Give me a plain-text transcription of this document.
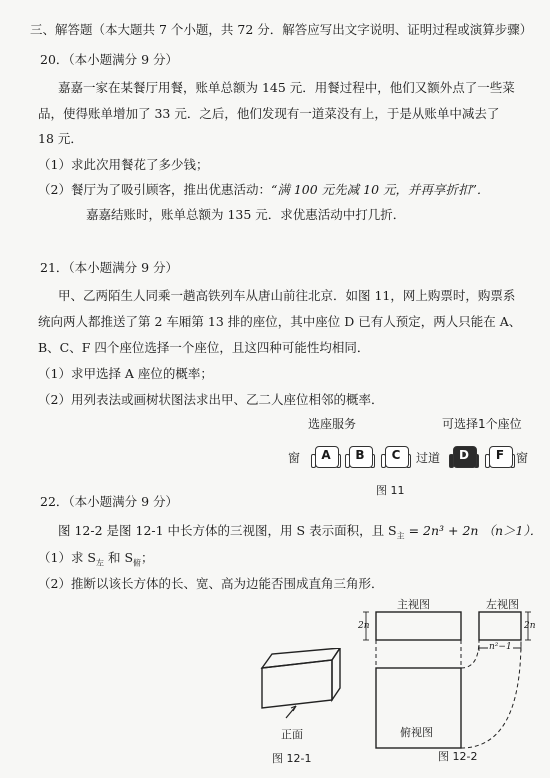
三、解答题（本大题共 7 个小题，共 72 分．解答应写出文字说明、证明过程或演算步骤）
20．（本小题满分 9 分）
嘉嘉一家在某餐厅用餐，账单总额为 145 元．用餐过程中，他们又额外点了一些菜
品，使得账单增加了 33 元．之后，他们发现有一道菜没有上，于是从账单中减去了
18 元．
（1）求此次用餐花了多少钱；
（2）餐厅为了吸引顾客，推出优惠活动：“满 100 元先减 10 元，并再享折扣”．
嘉嘉结账时，账单总额为 135 元．求优惠活动中打几折．
21．（本小题满分 9 分）
甲、乙两陌生人同乘一趟高铁列车从唐山前往北京．如图 11，网上购票时，购票系
统向两人都推送了第 2 车厢第 13 排的座位，其中座位 D 已有人预定，两人只能在 A、
B、C、F 四个座位选择一个座位，且这四种可能性均相同．
（1）求甲选择 A 座位的概率；
（2）用列表法或画树状图法求出甲、乙二人座位相邻的概率．
选座服务	可选择1个座位
窗	A	B	C	过道	D	F 窗
图 11
22．（本小题满分 9 分）
图 12-2 是图 12-1 中长方体的三视图，用 S 表示面积，且 $S_主 = 2n^3 + 2n$ （n＞1）．
（1）求 $S_左$ 和 $S_俯$；
（2）推断以该长方体的长、宽、高为边能否围成直角三角形．
正面
图 12-1
主视图	左视图
2n	2n
n²−1
俯视图
图 12-2
